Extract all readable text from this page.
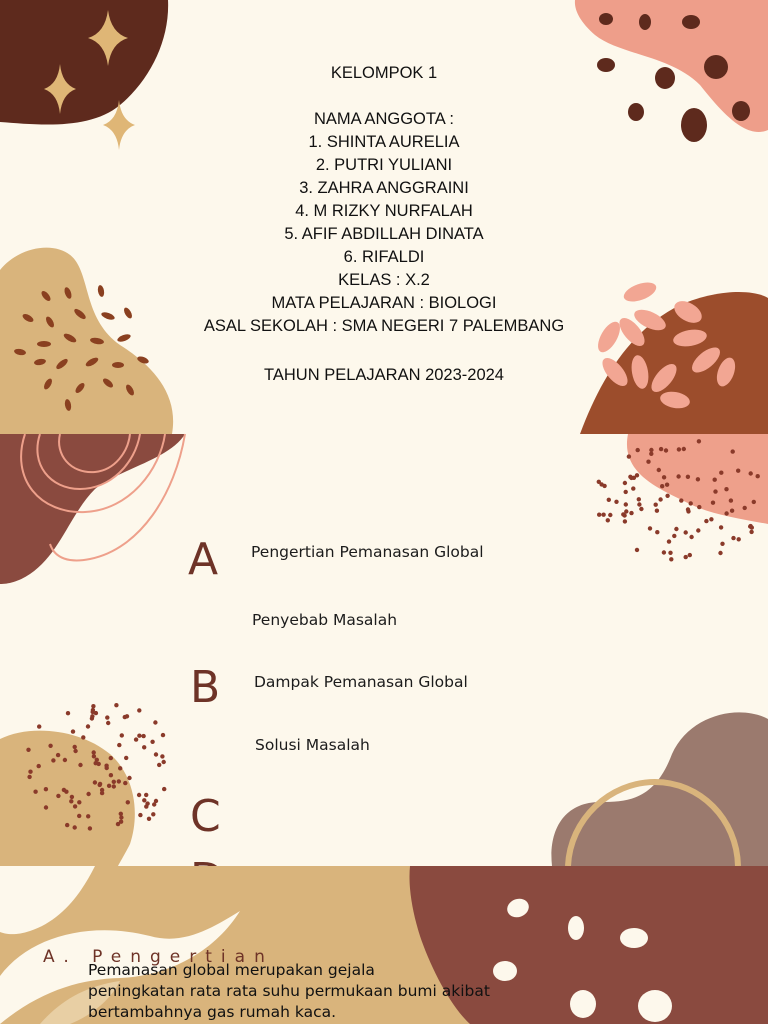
KELOMPOK 1
NAMA ANGGOTA :
1. SHINTA AURELIA
2. PUTRI YULIANI
3. ZAHRA ANGGRAINI
4. M RIZKY NURFALAH
5. AFIF ABDILLAH DINATA
6. RIFALDI
KELAS : X.2
MATA PELAJARAN : BIOLOGI
ASAL SEKOLAH : SMA NEGERI 7 PALEMBANG
TAHUN PELAJARAN 2023-2024
A
B
C
Pengertian Pemanasan Global
Penyebab Masalah
Dampak Pemanasan Global
Solusi Masalah
A. Pengertian
Pemanasan global merupakan gejala
peningkatan rata rata suhu permukaan bumi akibat
bertambahnya gas rumah kaca.
